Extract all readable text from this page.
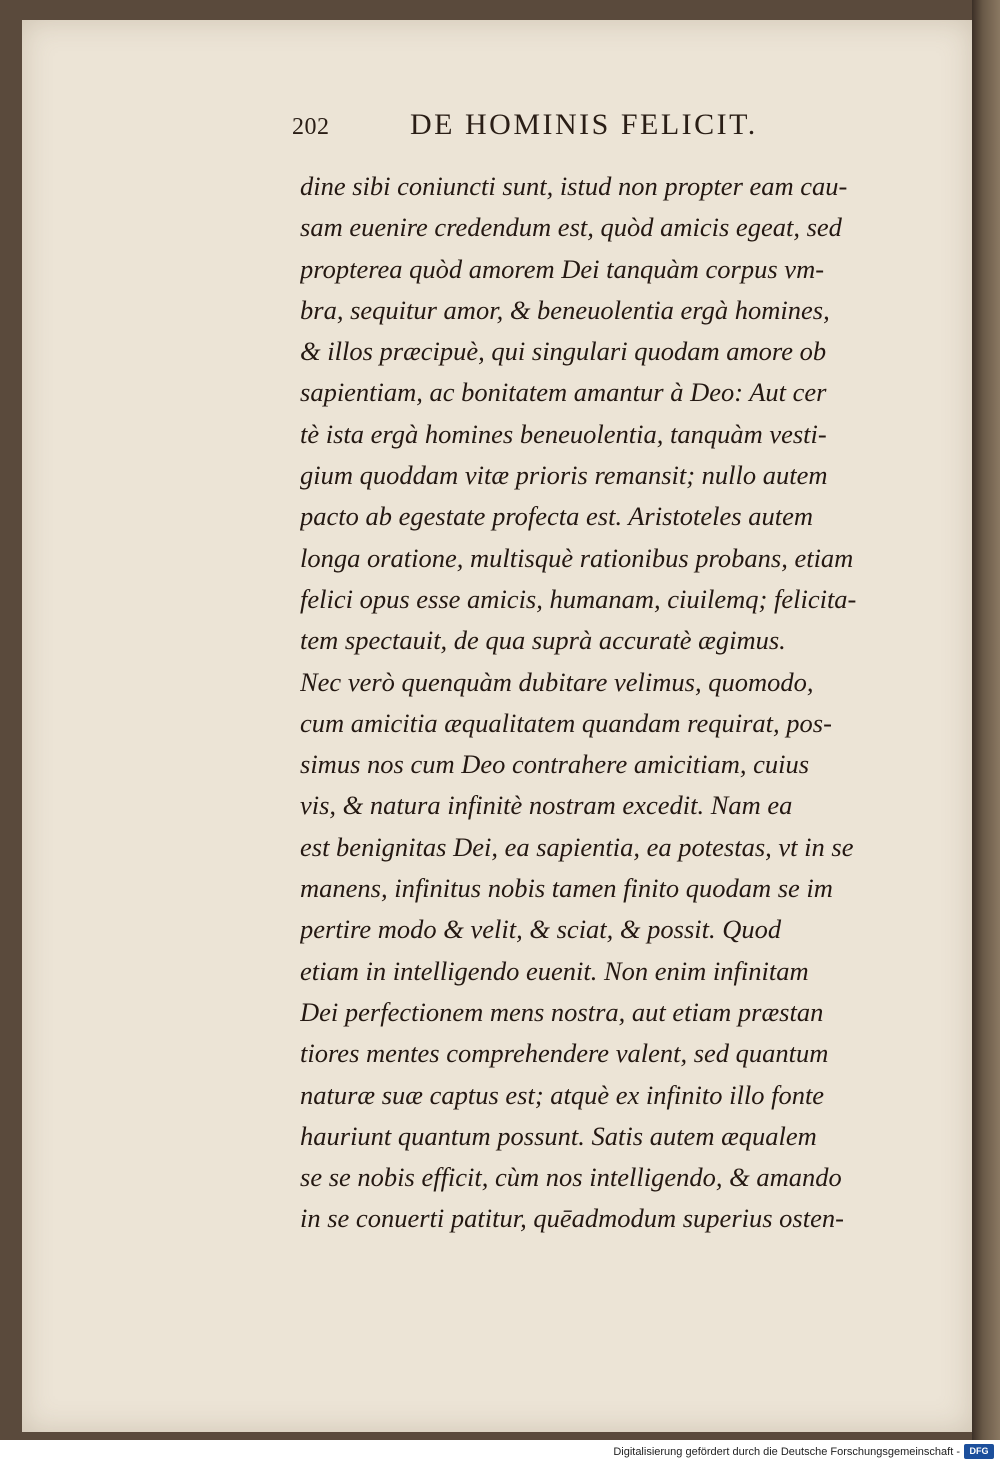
202	DE HOMINIS FELICIT.
dine sibi coniuncti sunt, istud non propter eam cau-
sam euenire credendum est, quòd amicis egeat, sed
propterea quòd amorem Dei tanquàm corpus vm-
bra, sequitur amor, & beneuolentia ergà homines,
& illos præcipuè, qui singulari quodam amore ob
sapientiam, ac bonitatem amantur à Deo: Aut cer
tè ista ergà homines beneuolentia, tanquàm vesti-
gium quoddam vitæ prioris remansit; nullo autem
pacto ab egestate profecta est. Aristoteles autem
longa oratione, multisquè rationibus probans, etiam
felici opus esse amicis, humanam, ciuilemq; felicita-
tem spectauit, de qua suprà accuratè ægimus.
Nec verò quenquàm dubitare velimus, quomodo,
cum amicitia æqualitatem quandam requirat, pos-
simus nos cum Deo contrahere amicitiam, cuius
vis, & natura infinitè nostram excedit. Nam ea
est benignitas Dei, ea sapientia, ea potestas, vt in se
manens, infinitus nobis tamen finito quodam se im
pertire modo & velit, & sciat, & possit. Quod
etiam in intelligendo euenit. Non enim infinitam
Dei perfectionem mens nostra, aut etiam præstan
tiores mentes comprehendere valent, sed quantum
naturæ suæ captus est; atquè ex infinito illo fonte
hauriunt quantum possunt. Satis autem æqualem
se se nobis efficit, cùm nos intelligendo, & amando
in se conuerti patitur, quēadmodum superius osten-
Digitalisierung gefördert durch die Deutsche Forschungsgemeinschaft -	DFG
